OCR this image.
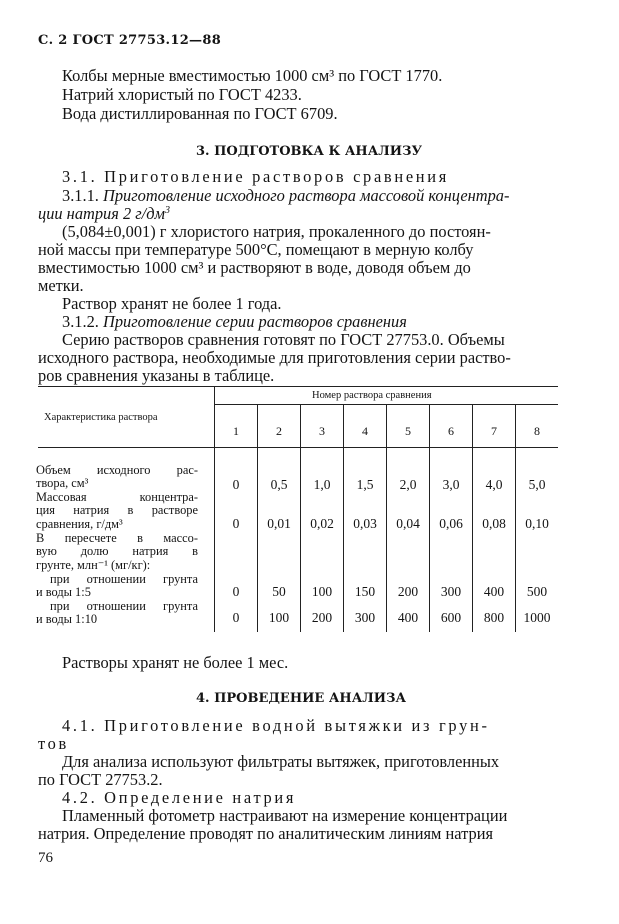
С. 2 ГОСТ 27753.12—88
Колбы мерные вместимостью 1000 см³ по ГОСТ 1770.
Натрий хлористый по ГОСТ 4233.
Вода дистиллированная по ГОСТ 6709.
3. ПОДГОТОВКА К АНАЛИЗУ
3.1. Приготовление растворов сравнения
3.1.1. Приготовление исходного раствора массовой концентра-
ции натрия 2 $г/дм^3$
(5,084±0,001) г хлористого натрия, прокаленного до постоян-
ной массы при температуре 500°С, помещают в мерную колбу
вместимостью 1000 см³ и растворяют в воде, доводя объем до
метки.
Раствор хранят не более 1 года.
3.1.2. Приготовление серии растворов сравнения
Серию растворов сравнения готовят по ГОСТ 27753.0. Объемы
исходного раствора, необходимые для приготовления серии раство-
ров сравнения указаны в таблице.
Характеристика раствора
Номер раствора сравнения
1	2	3	4	5	6	7	8
Объем исходного рас-
твора, см³	0	0,5	1,0	1,5	2,0	3,0	4,0	5,0
Массовая концентра-
ция натрия в растворе
сравнения, г/дм³	0	0,01	0,02	0,03	0,04	0,06	0,08	0,10
В пересчете в массо-
вую долю натрия в
грунте, млн⁻¹ (мг/кг):
при отношении грунта
и воды 1:5	0	50	100	150	200	300	400	500
при отношении грунта
и воды 1:10	0	100	200	300	400	600	800	1000
Растворы хранят не более 1 мес.
4. ПРОВЕДЕНИЕ АНАЛИЗА
4.1. Приготовление водной вытяжки из грун-
тов
Для анализа используют фильтраты вытяжек, приготовленных
по ГОСТ 27753.2.
4.2. Определение натрия
Пламенный фотометр настраивают на измерение концентрации
натрия. Определение проводят по аналитическим линиям натрия
76
